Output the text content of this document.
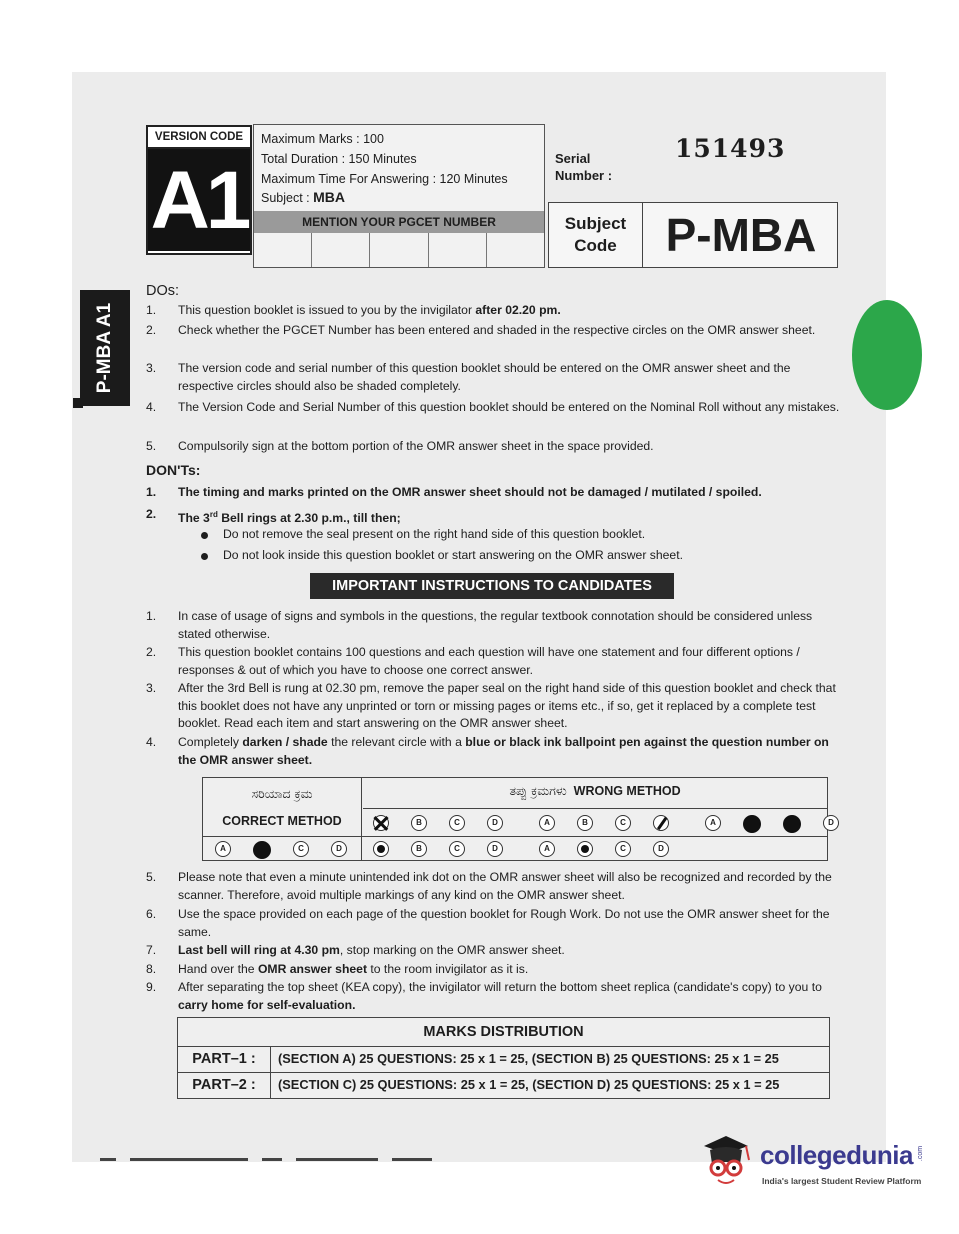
VERSION CODE
A1
Maximum Marks : 100
Total Duration : 150 Minutes
Maximum Time For Answering : 120 Minutes
Subject : MBA
MENTION YOUR PGCET NUMBER
Serial
Number :
151493
Subject
Code	P-MBA
P-MBA A1
DOs:
1. This question booklet is issued to you by the invigilator after 02.20 pm.
2. Check whether the PGCET Number has been entered and shaded in the respective circles on the OMR answer sheet.
3. The version code and serial number of this question booklet should be entered on the OMR answer sheet and the respective circles should also be shaded completely.
4. The Version Code and Serial Number of this question booklet should be entered on the Nominal Roll without any mistakes.
5. Compulsorily sign at the bottom portion of the OMR answer sheet in the space provided.
DON'Ts:
1. The timing and marks printed on the OMR answer sheet should not be damaged / mutilated / spoiled.
2. The 3rd Bell rings at 2.30 p.m., till then;
Do not remove the seal present on the right hand side of this question booklet.
Do not look inside this question booklet or start answering on the OMR answer sheet.
IMPORTANT INSTRUCTIONS TO CANDIDATES
1. In case of usage of signs and symbols in the questions, the regular textbook connotation should be considered unless stated otherwise.
2. This question booklet contains 100 questions and each question will have one statement and four different options / responses & out of which you have to choose one correct answer.
3. After the 3rd Bell is rung at 02.30 pm, remove the paper seal on the right hand side of this question booklet and check that this booklet does not have any unprinted or torn or missing pages or items etc., if so, get it replaced by a complete test booklet. Read each item and start answering on the OMR answer sheet.
4. Completely darken / shade the relevant circle with a blue or black ink ballpoint pen against the question number on the OMR answer sheet.
ಸರಿಯಾದ ಕ್ರಮ
CORRECT METHOD
ತಪ್ಪು ಕ್ರಮಗಳು WRONG METHOD
A	C	D
B	C	D	A	B	C	A	D
B	C	D	A	C	D
5. Please note that even a minute unintended ink dot on the OMR answer sheet will also be recognized and recorded by the scanner. Therefore, avoid multiple markings of any kind on the OMR answer sheet.
6. Use the space provided on each page of the question booklet for Rough Work. Do not use the OMR answer sheet for the same.
7. Last bell will ring at 4.30 pm, stop marking on the OMR answer sheet.
8. Hand over the OMR answer sheet to the room invigilator as it is.
9. After separating the top sheet (KEA copy), the invigilator will return the bottom sheet replica (candidate's copy) to you to carry home for self-evaluation.
MARKS DISTRIBUTION
PART–1 :	(SECTION A) 25 QUESTIONS: 25 x 1 = 25, (SECTION B) 25 QUESTIONS: 25 x 1 = 25
PART–2 :	(SECTION C) 25 QUESTIONS: 25 x 1 = 25, (SECTION D) 25 QUESTIONS: 25 x 1 = 25
collegedunia .com
India's largest Student Review Platform
